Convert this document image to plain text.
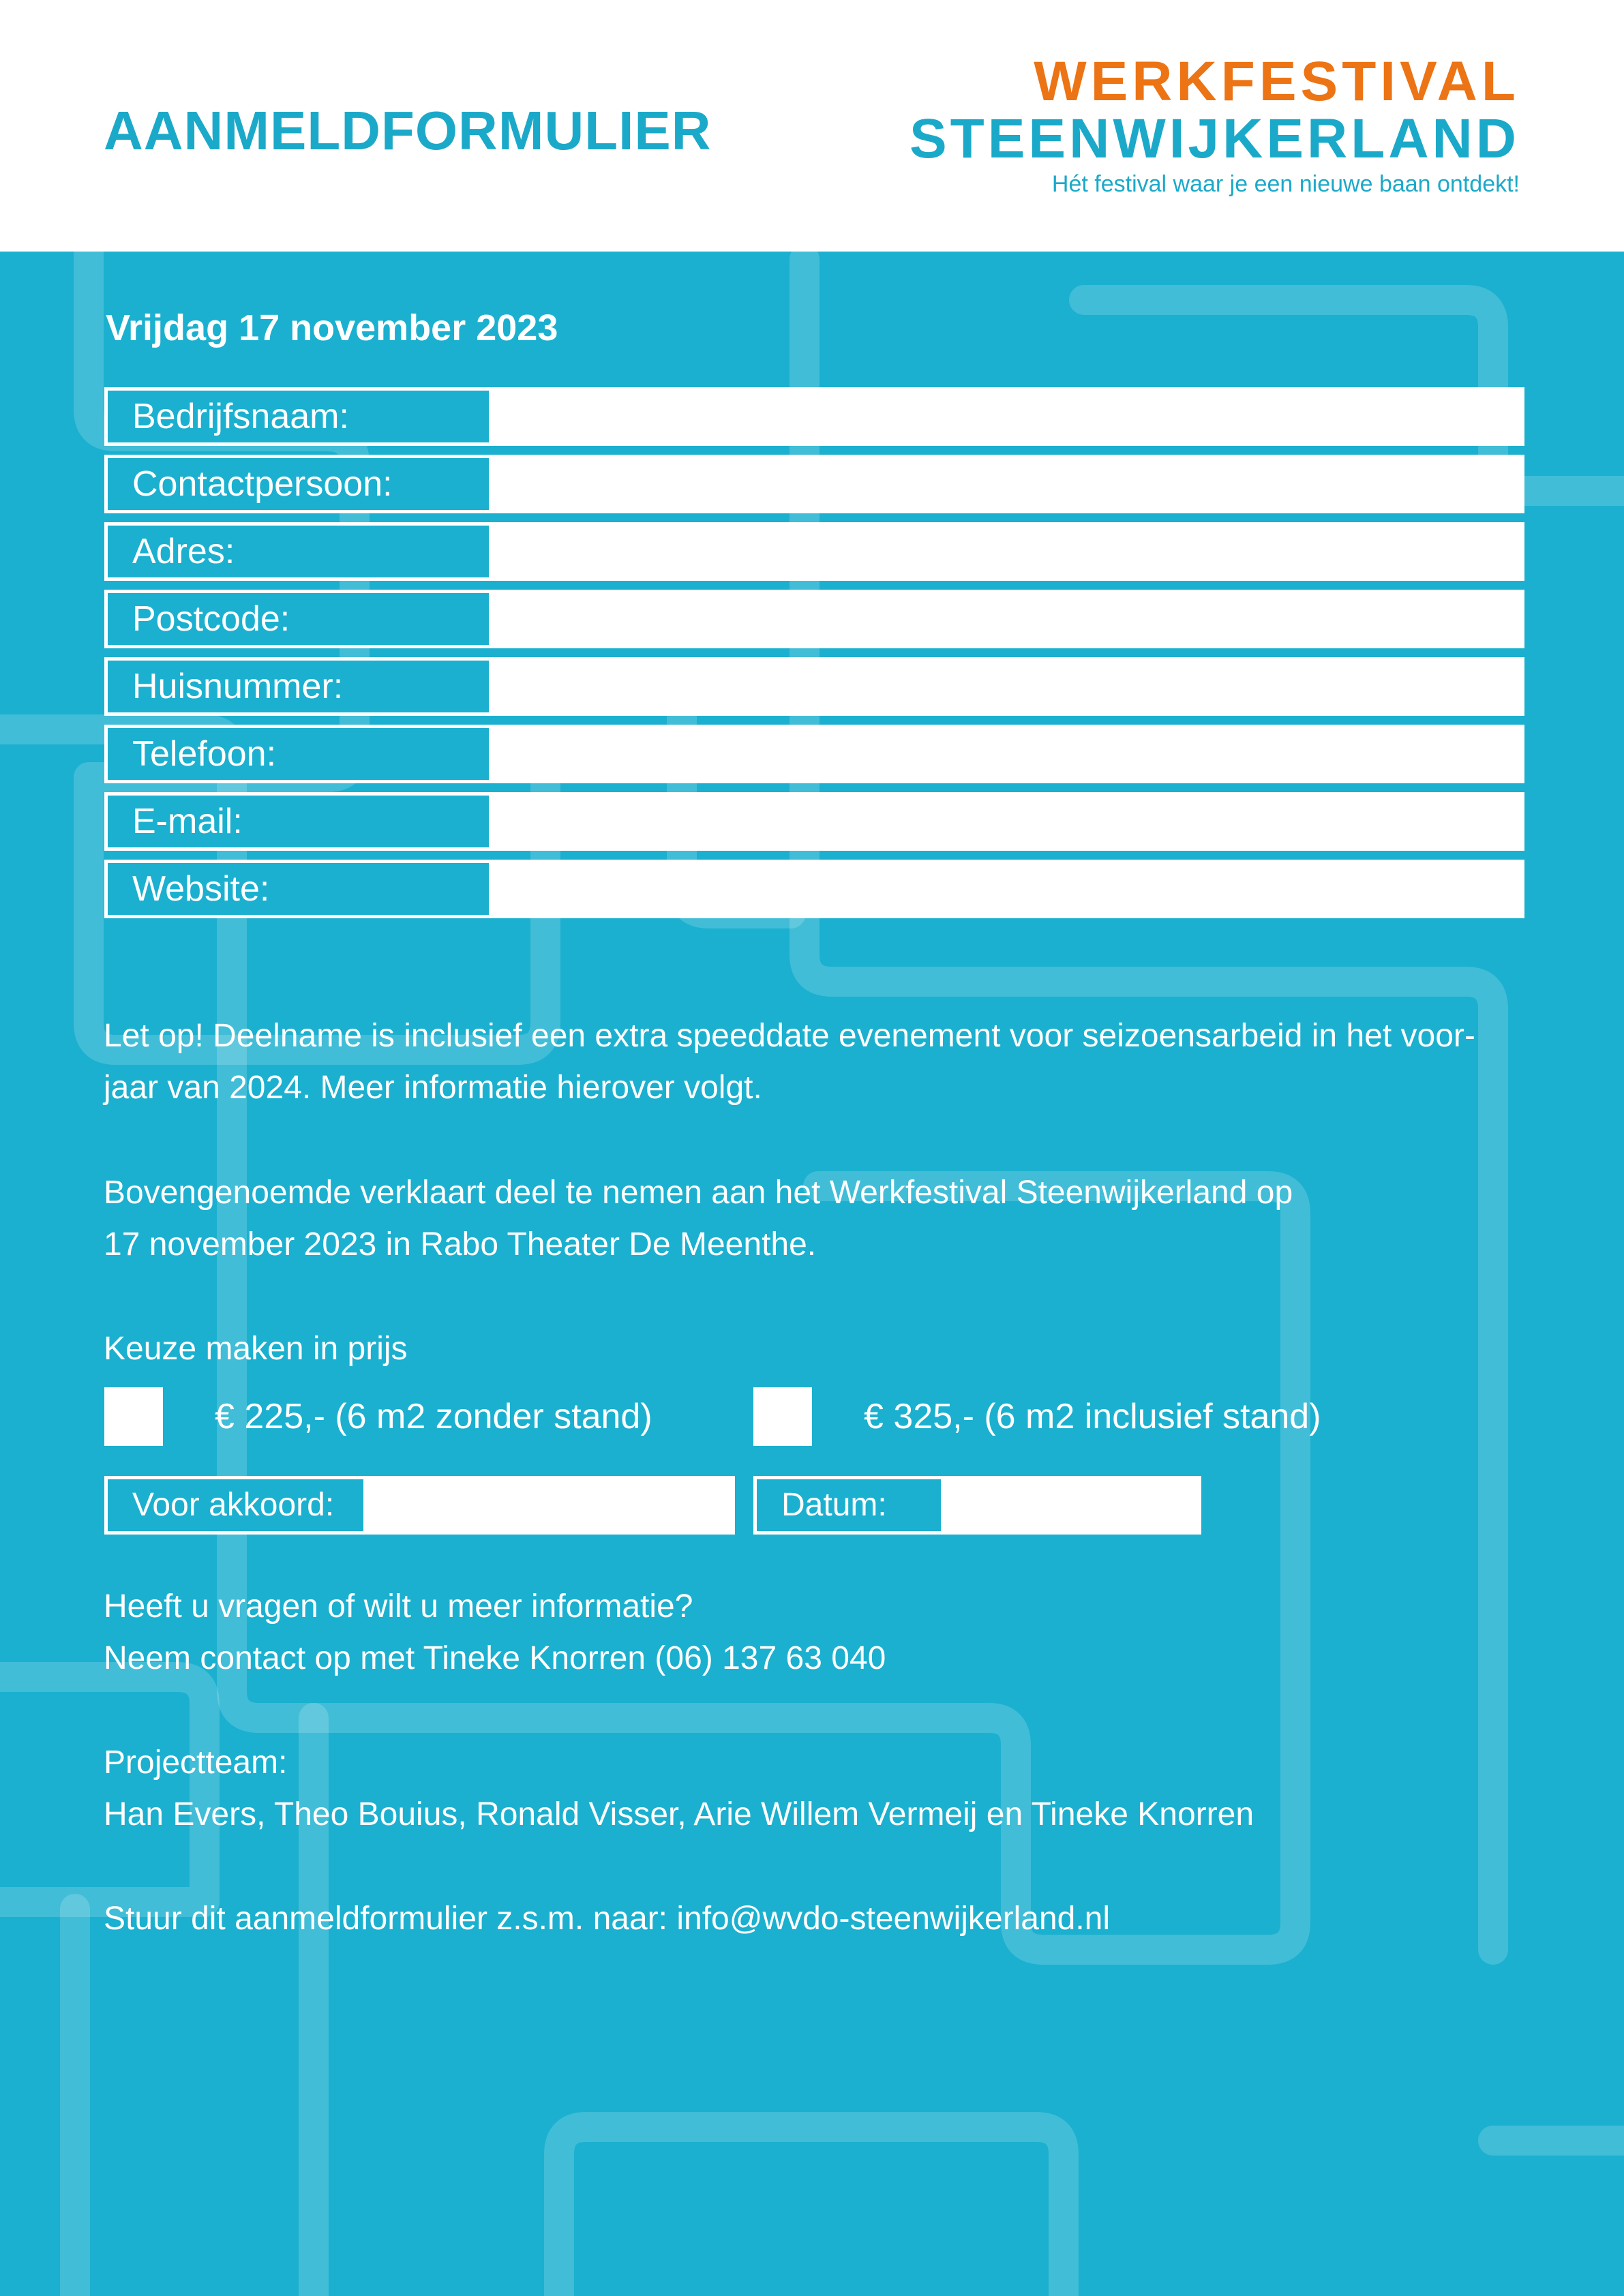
AANMELDFORMULIER
WERKFESTIVAL
STEENWIJKERLAND
Hét festival waar je een nieuwe baan ontdekt!
Vrijdag 17 november 2023
Bedrijfsnaam:
Contactpersoon:
Adres:
Postcode:
Huisnummer:
Telefoon:
E-mail:
Website:

Let op! Deelname is inclusief een extra speeddate evenement voor seizoensarbeid in het voor-
jaar van 2024. Meer informatie hierover volgt.

Bovengenoemde verklaart deel te nemen aan het Werkfestival Steenwijkerland op
17 november 2023 in Rabo Theater De Meenthe.

Keuze maken in prijs

€ 225,- (6 m2 zonder stand)	€ 325,- (6 m2 inclusief stand)
Voor akkoord:	Datum:

Heeft u vragen of wilt u meer informatie?
Neem contact op met Tineke Knorren (06) 137 63 040

Projectteam:
Han Evers, Theo Bouius, Ronald Visser, Arie Willem Vermeij en Tineke Knorren

Stuur dit aanmeldformulier z.s.m. naar: info@wvdo-steenwijkerland.nl
